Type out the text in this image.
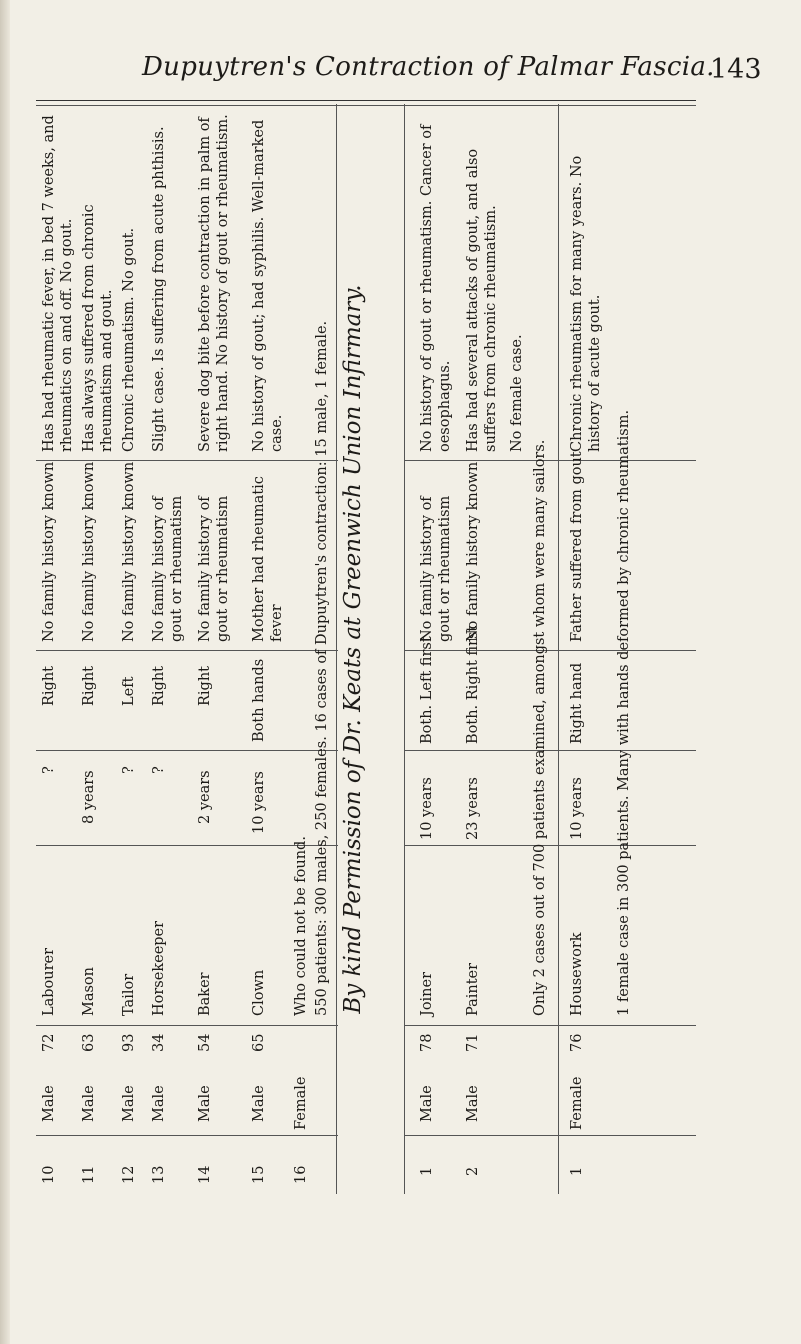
Dupuytren's Contraction of Palmar Fascia.
143
10
Male
72
Labourer
?
Right
No family history known
Has had rheumatic fever, in bed 7 weeks, and rheumatics on and off. No gout.
11
Male
63
Mason
8 years
Right
No family history known
Has always suffered from chronic rheumatism and gout.
12
Male
93
Tailor
?
Left
No family history known
Chronic rheumatism. No gout.
13
Male
34
Horsekeeper
?
Right
No family history of gout or rheumatism
Slight case. Is suffering from acute phthisis.
14
Male
54
Baker
2 years
Right
No family history of gout or rheumatism
Severe dog bite before contraction in palm of right hand. No history of gout or rheumatism.
15
Male
65
Clown
10 years
Both hands
Mother had rheumatic fever
No history of gout; had syphilis. Well-marked case.
16
Female
Who could not be found. 550 patients: 300 males, 250 females. 16 cases of Dupuytren's contraction: 15 male, 1 female. By kind Permission of Dr. Keats at Greenwich Union Infirmary.
1
Male
78
Joiner
10 years
Both. Left first
No family history of gout or rheumatism
No history of gout or rheumatism. Cancer of oesophagus.
2
Male
71
Painter
23 years
Both. Right first
No family history known
Has had several attacks of gout, and also suffers from chronic rheumatism. No female case.
Only 2 cases out of 700 patients examined, amongst whom were many sailors.
1
Female
76
Housework
10 years
Right hand
Father suffered from gout
Chronic rheumatism for many years. No history of acute gout.
1 female case in 300 patients. Many with hands deformed by chronic rheumatism.
